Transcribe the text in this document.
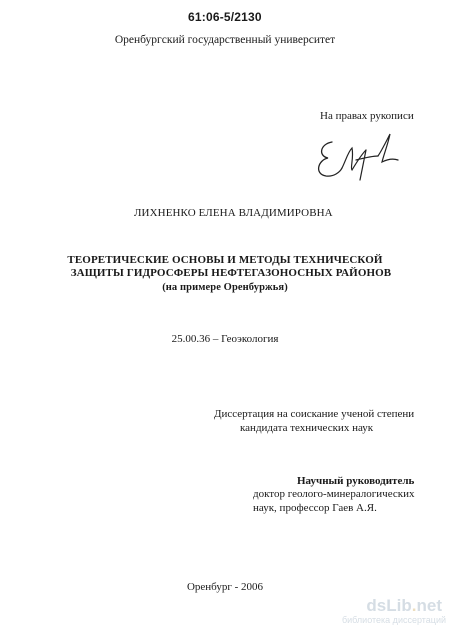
61:06-5/2130
Оренбургский государственный университет
На правах рукописи
ЛИХНЕНКО ЕЛЕНА ВЛАДИМИРОВНА
ТЕОРЕТИЧЕСКИЕ ОСНОВЫ И МЕТОДЫ ТЕХНИЧЕСКОЙ
ЗАЩИТЫ ГИДРОСФЕРЫ НЕФТЕГАЗОНОСНЫХ РАЙОНОВ
(на примере Оренбуржья)
25.00.36 – Геоэкология
Диссертация на соискание ученой степени
кандидата технических наук
Научный руководитель
доктор геолого-минералогических
наук, профессор Гаев А.Я.
Оренбург - 2006
dsLib.net
библиотека диссертаций
